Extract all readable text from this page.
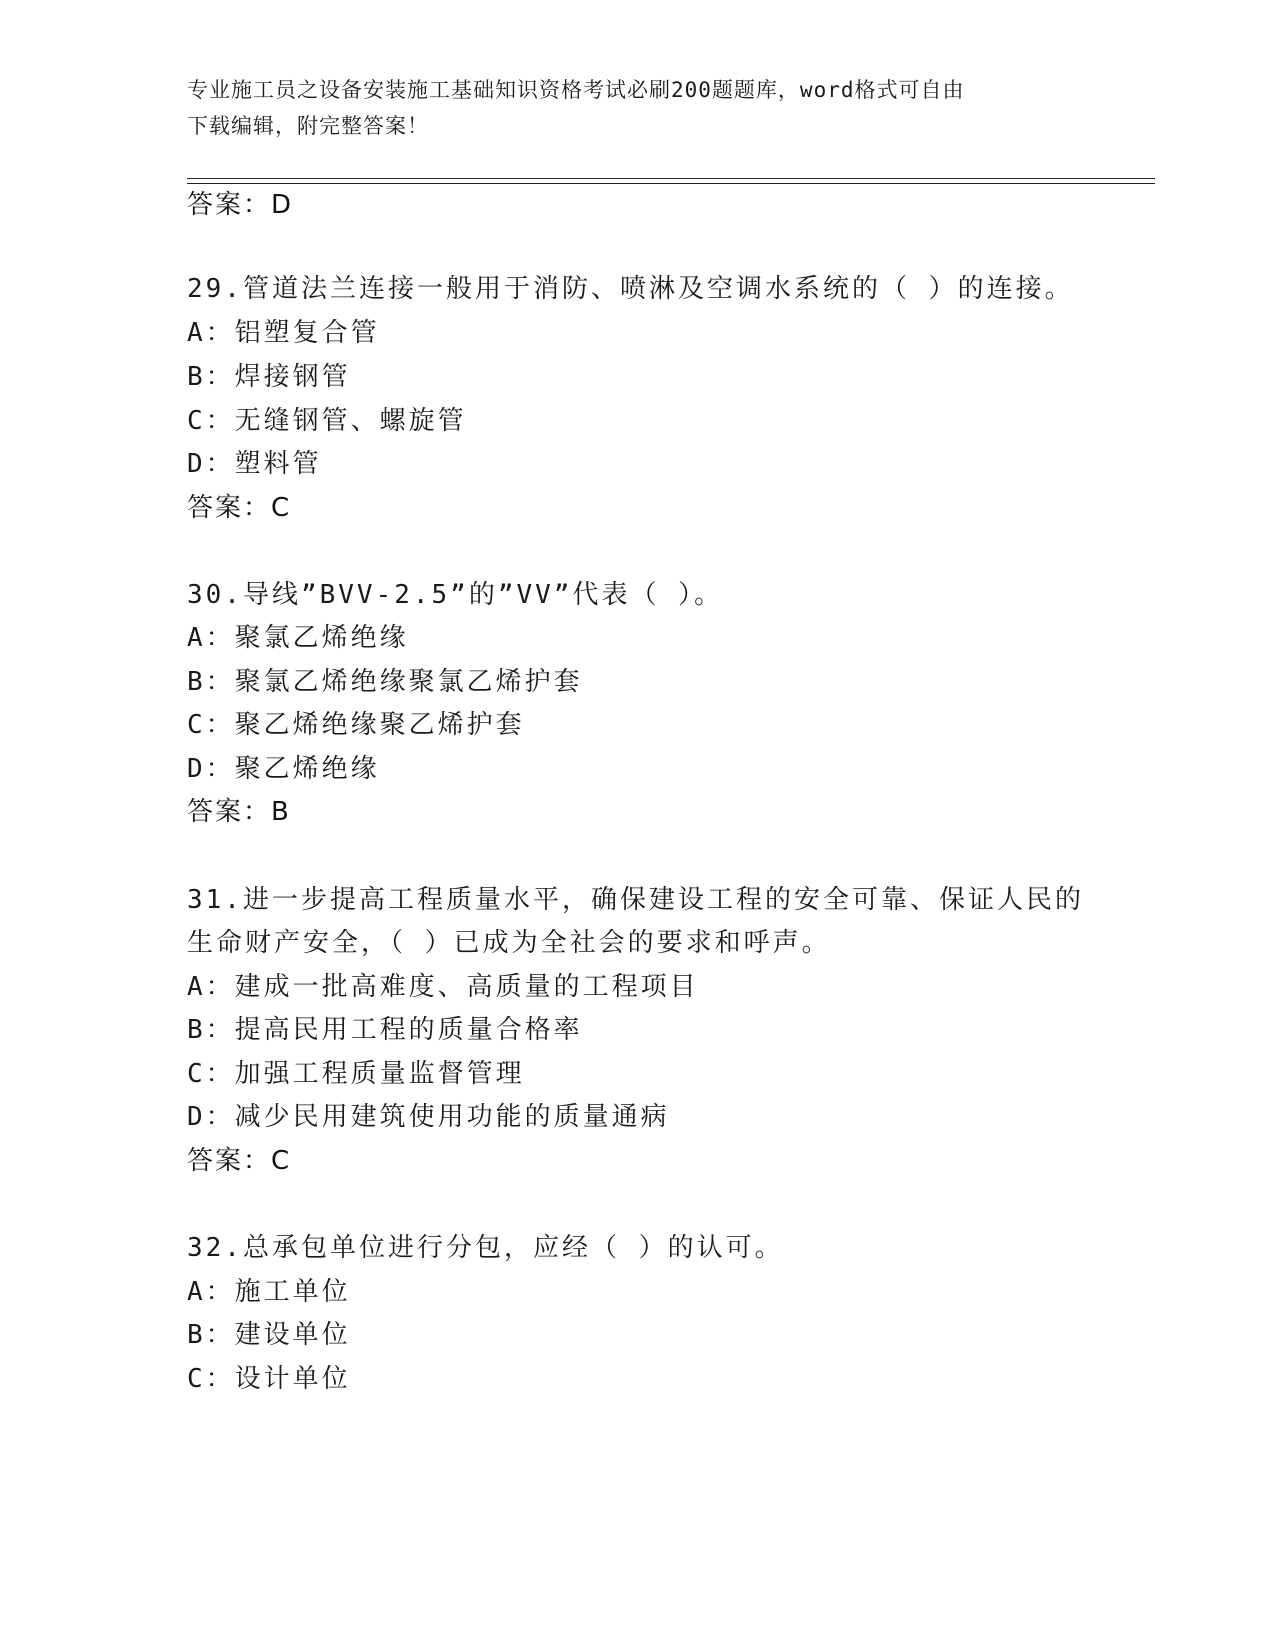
专业施工员之设备安装施工基础知识资格考试必刷200题题库，word格式可自由
下载编辑，附完整答案！
答案：D
29.管道法兰连接一般用于消防、喷淋及空调水系统的（ ）的连接。
A：铝塑复合管
B：焊接钢管
C：无缝钢管、螺旋管
D：塑料管
答案：C
30.导线”BVV-2.5”的”VV”代表（ ）。
A：聚氯乙烯绝缘
B：聚氯乙烯绝缘聚氯乙烯护套
C：聚乙烯绝缘聚乙烯护套
D：聚乙烯绝缘
答案：B
31.进一步提高工程质量水平，确保建设工程的安全可靠、保证人民的
生命财产安全，（ ）已成为全社会的要求和呼声。
A：建成一批高难度、高质量的工程项目
B：提高民用工程的质量合格率
C：加强工程质量监督管理
D：减少民用建筑使用功能的质量通病
答案：C
32.总承包单位进行分包，应经（ ）的认可。
A：施工单位
B：建设单位
C：设计单位
